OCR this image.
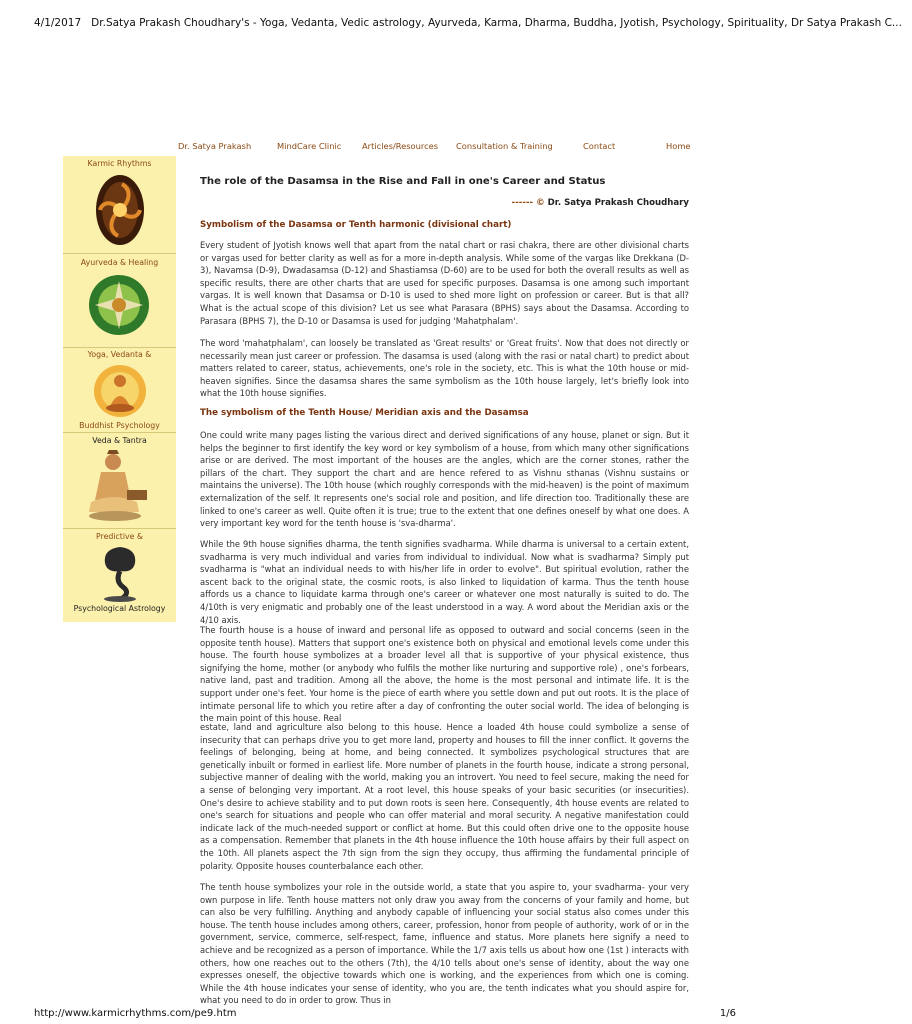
4/1/2017 Dr.Satya Prakash Choudhary's - Yoga, Vedanta, Vedic astrology, Ayurveda, Karma, Dharma, Buddha, Jyotish, Psychology, Spirituality, Dr Satya Prakash C...
Dr. Satya Prakash	MindCare Clinic Articles/Resources Consultation & Training	Contact	Home
Karmic Rhythms
Ayurveda & Healing
Yoga, Vedanta &
Buddhist Psychology
Veda & Tantra
Predictive &
Psychological Astrology
The role of the Dasamsa in the Rise and Fall in one's Career and Status
------ © Dr. Satya Prakash Choudhary
Symbolism of the Dasamsa or Tenth harmonic (divisional chart)

Every student of Jyotish knows well that apart from the natal chart or rasi chakra, there are other divisional charts or vargas used for better clarity as well as for a more in-depth analysis. While some of the vargas like Drekkana (D-3), Navamsa (D-9), Dwadasamsa (D-12) and Shastiamsa (D-60) are to be used for both the overall results as well as specific results, there are other charts that are used for specific purposes. Dasamsa is one among such important vargas. It is well known that Dasamsa or D-10 is used to shed more light on profession or career. But is that all? What is the actual scope of this division? Let us see what Parasara (BPHS) says about the Dasamsa. According to Parasara (BPHS 7), the D-10 or Dasamsa is used for judging 'Mahatphalam'.

The word 'mahatphalam', can loosely be translated as 'Great results' or 'Great fruits'. Now that does not directly or necessarily mean just career or profession. The dasamsa is used (along with the rasi or natal chart) to predict about matters related to career, status, achievements, one's role in the society, etc. This is what the 10th house or mid-heaven signifies. Since the dasamsa shares the same symbolism as the 10th house largely, let's briefly look into what the 10th house signifies.

The symbolism of the Tenth House/ Meridian axis and the Dasamsa

One could write many pages listing the various direct and derived significations of any house, planet or sign. But it helps the beginner to first identify the key word or key symbolism of a house, from which many other significations arise or are derived. The most important of the houses are the angles, which are the corner stones, rather the pillars of the chart. They support the chart and are hence refered to as Vishnu sthanas (Vishnu sustains or maintains the universe). The 10th house (which roughly corresponds with the mid-heaven) is the point of maximum externalization of the self. It represents one's social role and position, and life direction too. Traditionally these are linked to one's career as well. Quite often it is true; true to the extent that one defines oneself by what one does. A very important key word for the tenth house is 'sva-dharma'.

While the 9th house signifies dharma, the tenth signifies svadharma. While dharma is universal to a certain extent, svadharma is very much individual and varies from individual to individual. Now what is svadharma? Simply put svadharma is "what an individual needs to with his/her life in order to evolve". But spiritual evolution, rather the ascent back to the original state, the cosmic roots, is also linked to liquidation of karma. Thus the tenth house affords us a chance to liquidate karma through one's career or whatever one most naturally is suited to do. The 4/10th is very enigmatic and probably one of the least understood in a way. A word about the Meridian axis or the 4/10 axis.

The fourth house is a house of inward and personal life as opposed to outward and social concerns (seen in the opposite tenth house). Matters that support one's existence both on physical and emotional levels come under this house. The fourth house symbolizes at a broader level all that is supportive of your physical existence, thus signifying the home, mother (or anybody who fulfils the mother like nurturing and supportive role) , one's forbears, native land, past and tradition. Among all the above, the home is the most personal and intimate life. It is the support under one's feet. Your home is the piece of earth where you settle down and put out roots. It is the place of intimate personal life to which you retire after a day of confronting the outer social world. The idea of belonging is the main point of this house. Real

estate, land and agriculture also belong to this house. Hence a loaded 4th house could symbolize a sense of insecurity that can perhaps drive you to get more land, property and houses to fill the inner conflict. It governs the feelings of belonging, being at home, and being connected. It symbolizes psychological structures that are genetically inbuilt or formed in earliest life. More number of planets in the fourth house, indicate a strong personal, subjective manner of dealing with the world, making you an introvert. You need to feel secure, making the need for a sense of belonging very important. At a root level, this house speaks of your basic securities (or insecurities). One's desire to achieve stability and to put down roots is seen here. Consequently, 4th house events are related to one's search for situations and people who can offer material and moral security. A negative manifestation could indicate lack of the much-needed support or conflict at home. But this could often drive one to the opposite house as a compensation. Remember that planets in the 4th house influence the 10th house affairs by their full aspect on the 10th. All planets aspect the 7th sign from the sign they occupy, thus affirming the fundamental principle of polarity. Opposite houses counterbalance each other.

The tenth house symbolizes your role in the outside world, a state that you aspire to, your svadharma- your very own purpose in life. Tenth house matters not only draw you away from the concerns of your family and home, but can also be very fulfilling. Anything and anybody capable of influencing your social status also comes under this house. The tenth house includes among others, career, profession, honor from people of authority, work of or in the government, service, commerce, self-respect, fame, influence and status. More planets here signify a need to achieve and be recognized as a person of importance. While the 1/7 axis tells us about how one (1st ) interacts with others, how one reaches out to the others (7th), the 4/10 tells about one's sense of identity, about the way one expresses oneself, the objective towards which one is working, and the experiences from which one is coming. While the 4th house indicates your sense of identity, who you are, the tenth indicates what you should aspire for, what you need to do in order to grow. Thus in

http://www.karmicrhythms.com/pe9.htm	1/6
